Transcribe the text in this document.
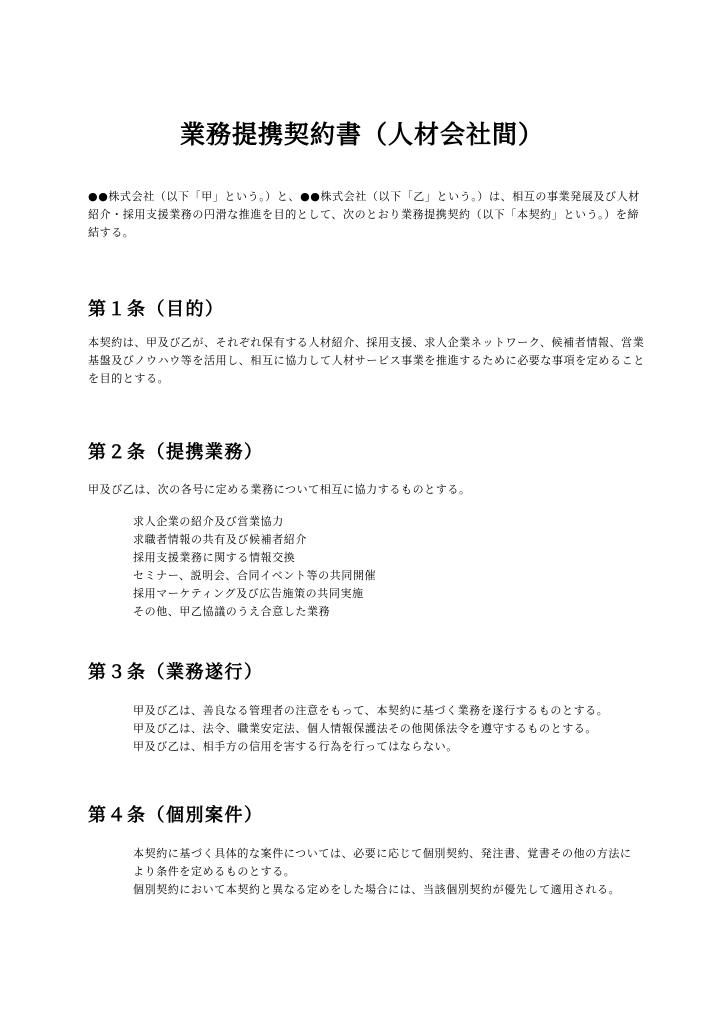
業務提携契約書（人材会社間）

●●株式会社（以下「甲」という。）と、●●株式会社（以下「乙」という。）は、相互の事業発展及び人材紹介・採用支援業務の円滑な推進を目的として、次のとおり業務提携契約（以下「本契約」という。）を締結する。

第１条（目的）

本契約は、甲及び乙が、それぞれ保有する人材紹介、採用支援、求人企業ネットワーク、候補者情報、営業基盤及びノウハウ等を活用し、相互に協力して人材サービス事業を推進するために必要な事項を定めることを目的とする。

第２条（提携業務）

甲及び乙は、次の各号に定める業務について相互に協力するものとする。

求人企業の紹介及び営業協力
求職者情報の共有及び候補者紹介
採用支援業務に関する情報交換
セミナー、説明会、合同イベント等の共同開催
採用マーケティング及び広告施策の共同実施
その他、甲乙協議のうえ合意した業務
第３条（業務遂行）

甲及び乙は、善良なる管理者の注意をもって、本契約に基づく業務を遂行するものとする。

甲及び乙は、法令、職業安定法、個人情報保護法その他関係法令を遵守するものとする。

甲及び乙は、相手方の信用を害する行為を行ってはならない。

第４条（個別案件）

本契約に基づく具体的な案件については、必要に応じて個別契約、発注書、覚書その他の方法により条件を定めるものとする。

個別契約において本契約と異なる定めをした場合には、当該個別契約が優先して適用される。
